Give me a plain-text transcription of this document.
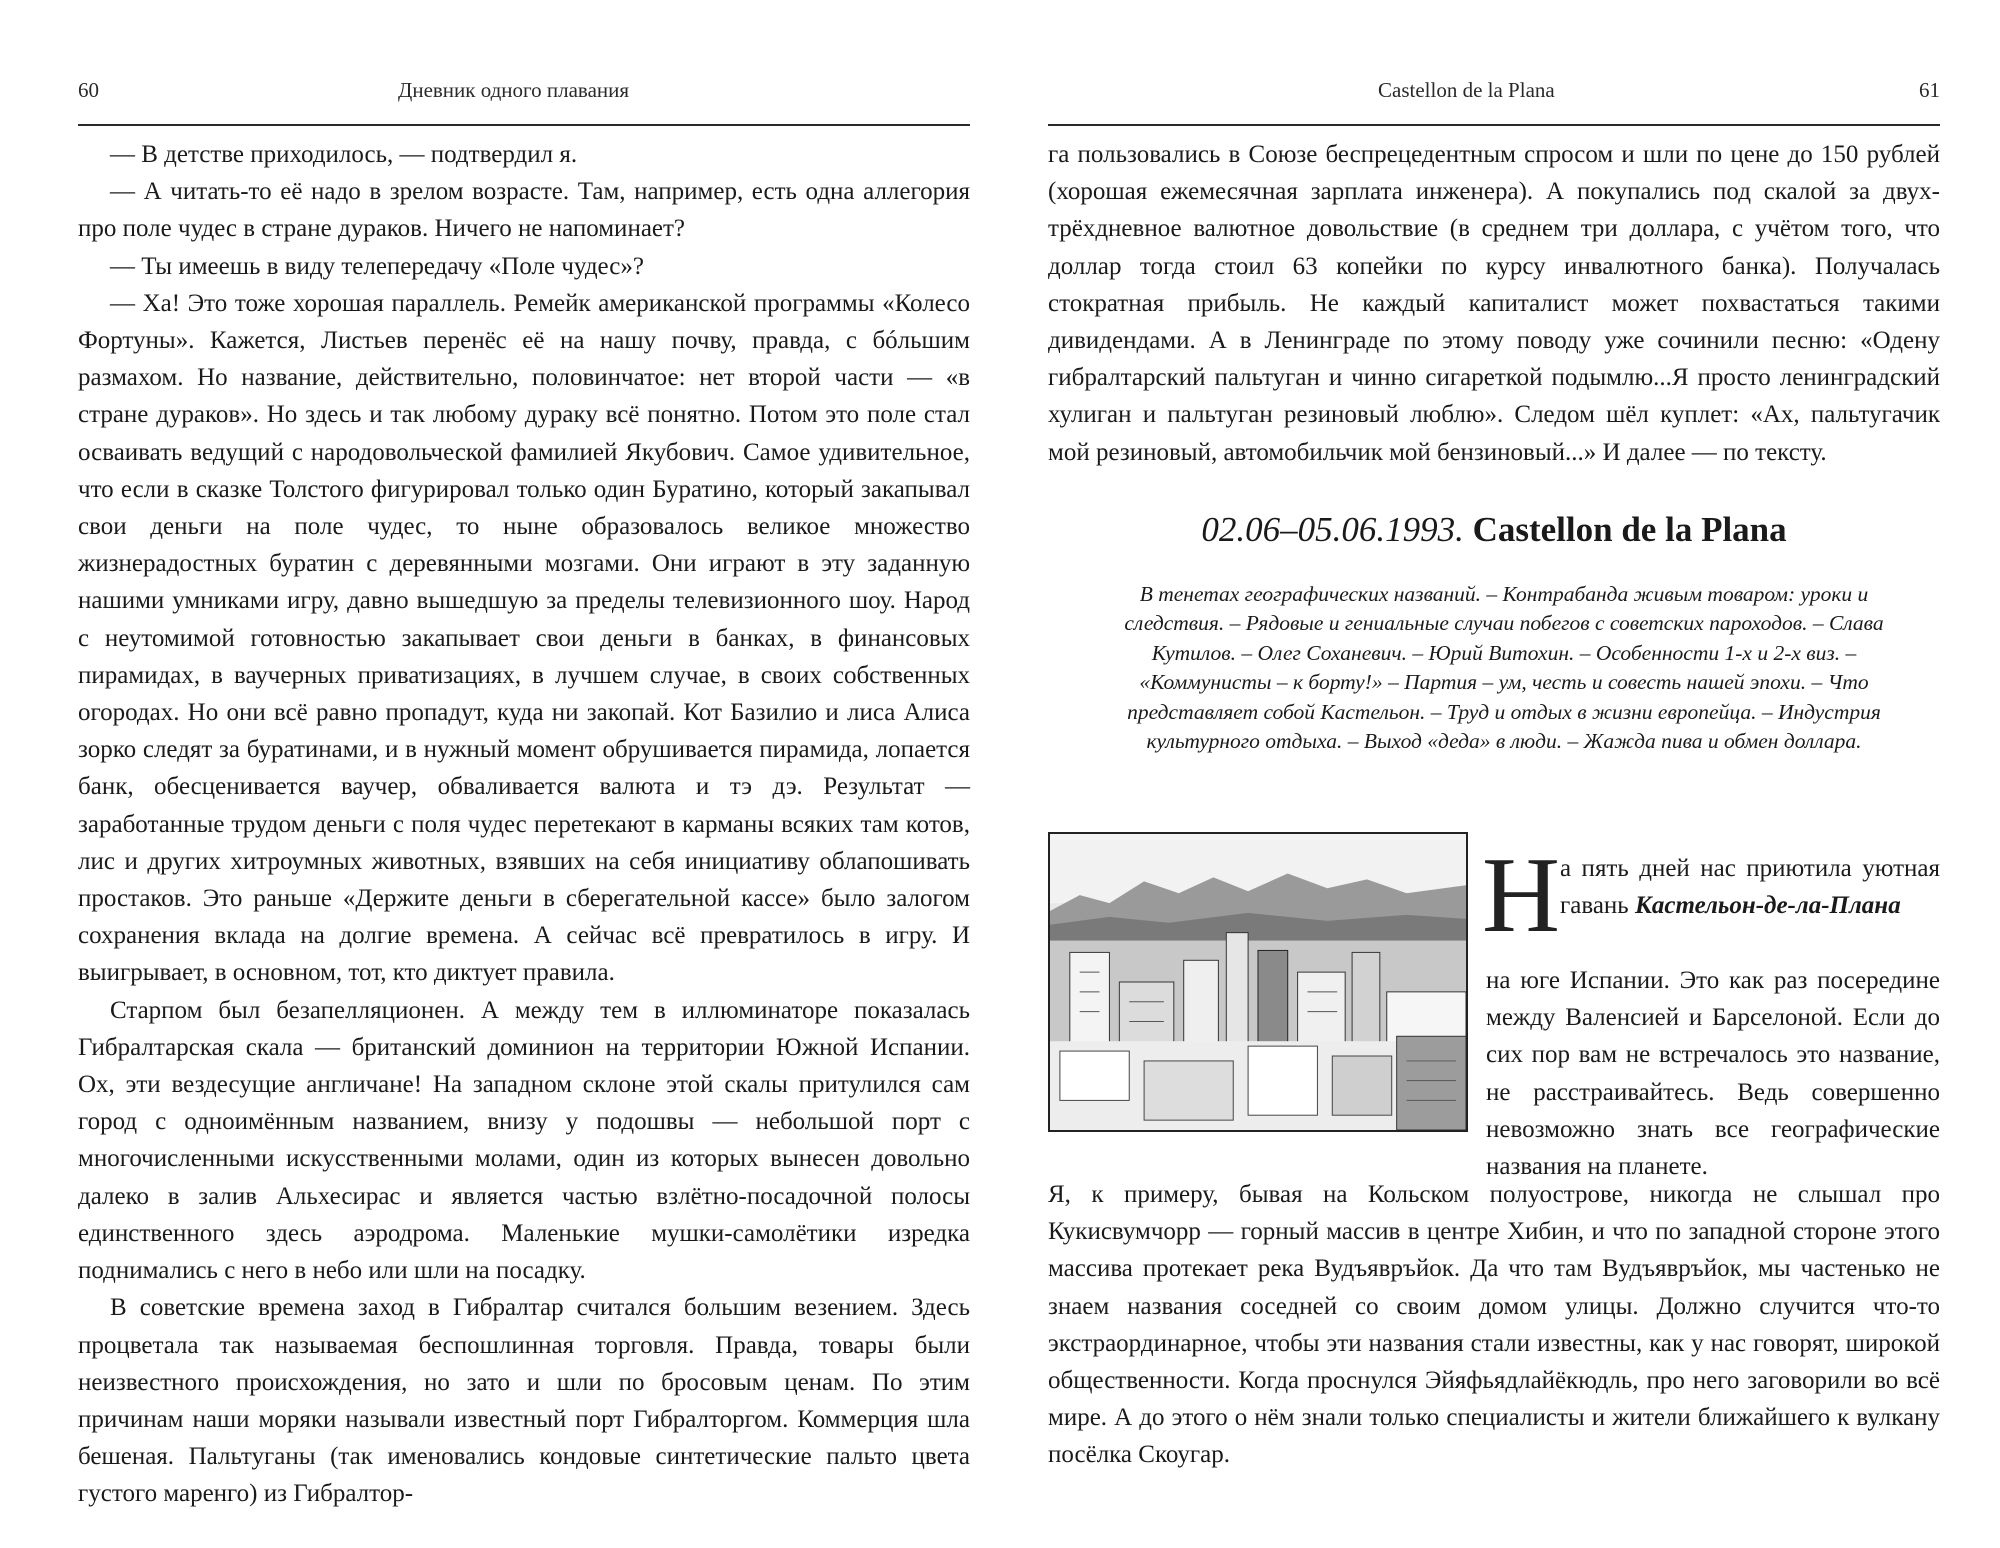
60	Дневник одного плавания

— В детстве приходилось, — подтвердил я.

— А читать-то её надо в зрелом возрасте. Там, например, есть одна аллегория про поле чудес в стране дураков. Ничего не напоминает?

— Ты имеешь в виду телепередачу «Поле чудес»?

— Ха! Это тоже хорошая параллель. Ремейк американской программы «Колесо Фортуны». Кажется, Листьев перенёс её на нашу почву, правда, с бóльшим размахом. Но название, действительно, половинчатое: нет второй части — «в стране дураков». Но здесь и так любому дураку всё понятно. Потом это поле стал осваивать ведущий с народовольческой фамилией Якубович. Самое удивительное, что если в сказке Толстого фигурировал только один Буратино, который закапывал свои деньги на поле чудес, то ныне образовалось великое множество жизнерадостных буратин с деревянными мозгами. Они играют в эту заданную нашими умниками игру, давно вышедшую за пределы телевизионного шоу. Народ с неутомимой готовностью закапывает свои деньги в банках, в финансовых пирамидах, в ваучерных приватизациях, в лучшем случае, в своих собственных огородах. Но они всё равно пропадут, куда ни закопай. Кот Базилио и лиса Алиса зорко следят за буратинами, и в нужный момент обрушивается пирамида, лопается банк, обесценивается ваучер, обваливается валюта и тэ дэ. Результат — заработанные трудом деньги с поля чудес перетекают в карманы всяких там котов, лис и других хитроумных животных, взявших на себя инициативу облапошивать простаков. Это раньше «Держите деньги в сберегательной кассе» было залогом сохранения вклада на долгие времена. А сейчас всё превратилось в игру. И выигрывает, в основном, тот, кто диктует правила.

Старпом был безапелляционен. А между тем в иллюминаторе показалась Гибралтарская скала — британский доминион на территории Южной Испании. Ох, эти вездесущие англичане! На западном склоне этой скалы притулился сам город с одноимённым названием, внизу у подошвы — небольшой порт с многочисленными искусственными молами, один из которых вынесен довольно далеко в залив Альхесирас и является частью взлётно-посадочной полосы единственного здесь аэродрома. Маленькие мушки-самолётики изредка поднимались с него в небо или шли на посадку.

В советские времена заход в Гибралтар считался большим везением. Здесь процветала так называемая беспошлинная торговля. Правда, товары были неизвестного происхождения, но зато и шли по бросовым ценам. По этим причинам наши моряки называли известный порт Гибралторгом. Коммерция шла бешеная. Пальтуганы (так именовались кондовые синтетические пальто цвета густого маренго) из Гибралтор-

Castellon de la Plana	61

га пользовались в Союзе беспрецедентным спросом и шли по цене до 150 рублей (хорошая ежемесячная зарплата инженера). А покупались под скалой за двух-трёхдневное валютное довольствие (в среднем три доллара, с учётом того, что доллар тогда стоил 63 копейки по курсу инвалютного банка). Получалась стократная прибыль. Не каждый капиталист может похвастаться такими дивидендами. А в Ленинграде по этому поводу уже сочинили песню: «Одену гибралтарский пальтуган и чинно сигареткой подымлю...Я просто ленинградский хулиган и пальтуган резиновый люблю». Следом шёл куплет: «Ах, пальтугачик мой резиновый, автомобильчик мой бензиновый...» И далее — по тексту.

02.06–05.06.1993. Castellon de la Plana
В тенетах географических названий. – Контрабанда живым товаром: уроки и следствия. – Рядовые и гениальные случаи побегов с советских пароходов. – Слава Кутилов. – Олег Соханевич. – Юрий Витохин. – Особенности 1-х и 2-х виз. – «Коммунисты – к борту!» – Партия – ум, честь и совесть нашей эпохи. – Что представляет собой Кастельон. – Труд и отдых в жизни европейца. – Индустрия культурного отдыха. – Выход «деда» в люди. – Жажда пива и обмен доллара.
Н а пять дней нас приютила уютная гавань Кастельон-де-ла-Плана

на юге Испании. Это как раз посередине между Валенсией и Барселоной. Если до сих пор вам не встречалось это название, не расстраивайтесь. Ведь совершенно невозможно знать все географические названия на планете.

Я, к примеру, бывая на Кольском полуострове, никогда не слышал про Кукисвумчорр — горный массив в центре Хибин, и что по западной стороне этого массива протекает река Вудъявръйок. Да что там Вудъявръйок, мы частенько не знаем названия соседней со своим домом улицы. Должно случится что-то экстраординарное, чтобы эти названия стали известны, как у нас говорят, широкой общественности. Когда проснулся Эйяфьядлайёкюдль, про него заговорили во всё мире. А до этого о нём знали только специалисты и жители ближайшего к вулкану посёлка Скоугар.
